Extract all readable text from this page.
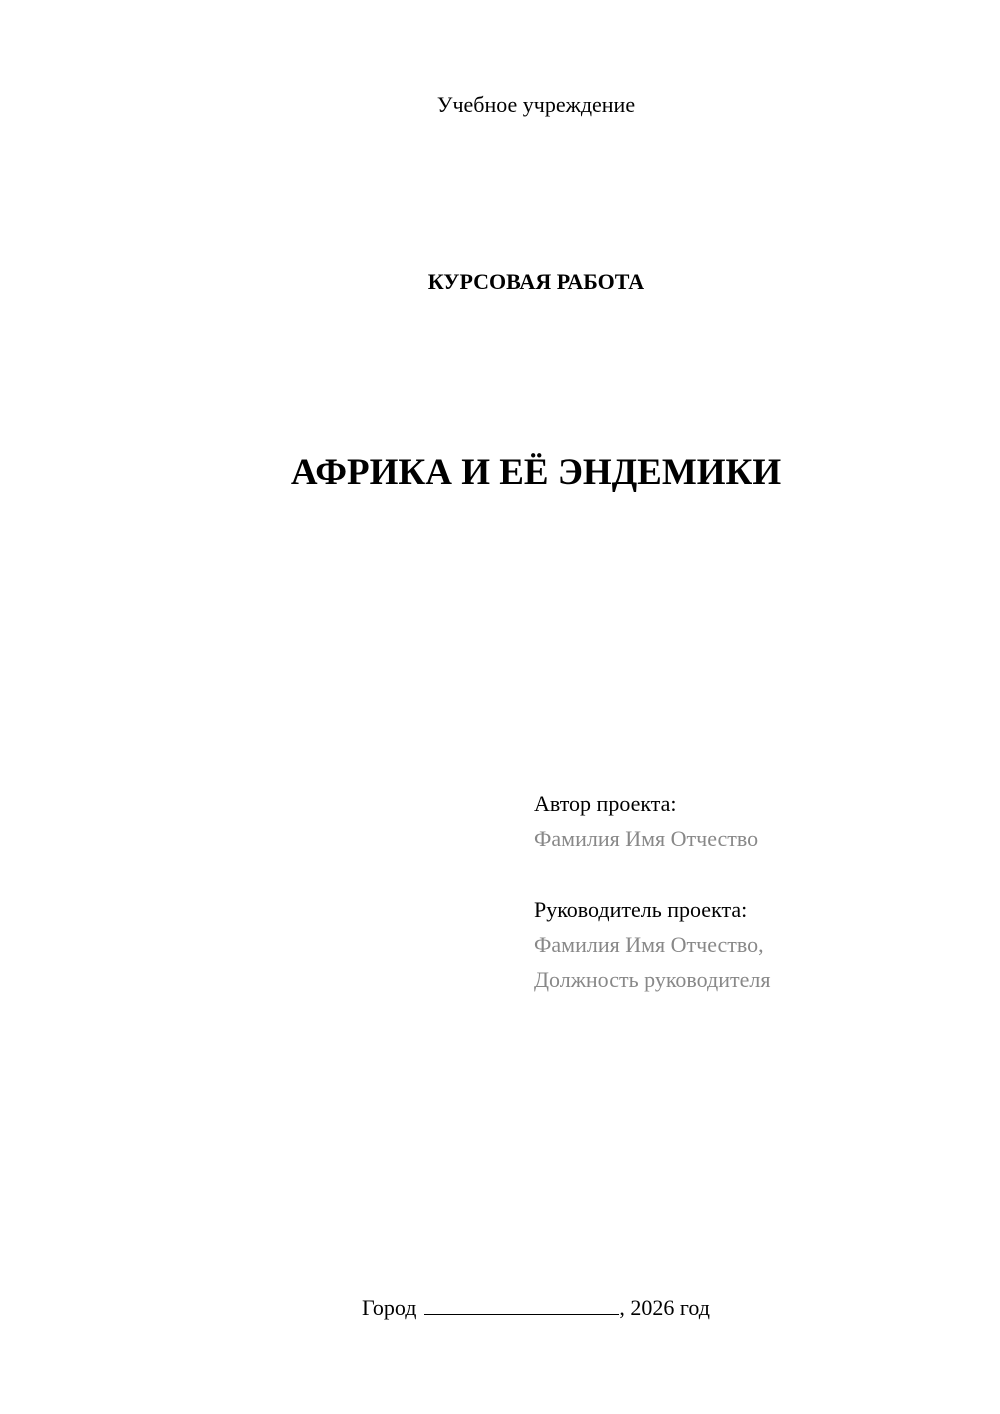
Учебное учреждение
КУРСОВАЯ РАБОТА
АФРИКА И ЕЁ ЭНДЕМИКИ
Автор проекта:
Фамилия Имя Отчество
Руководитель проекта:
Фамилия Имя Отчество,
Должность руководителя
Город	, 2026 год
